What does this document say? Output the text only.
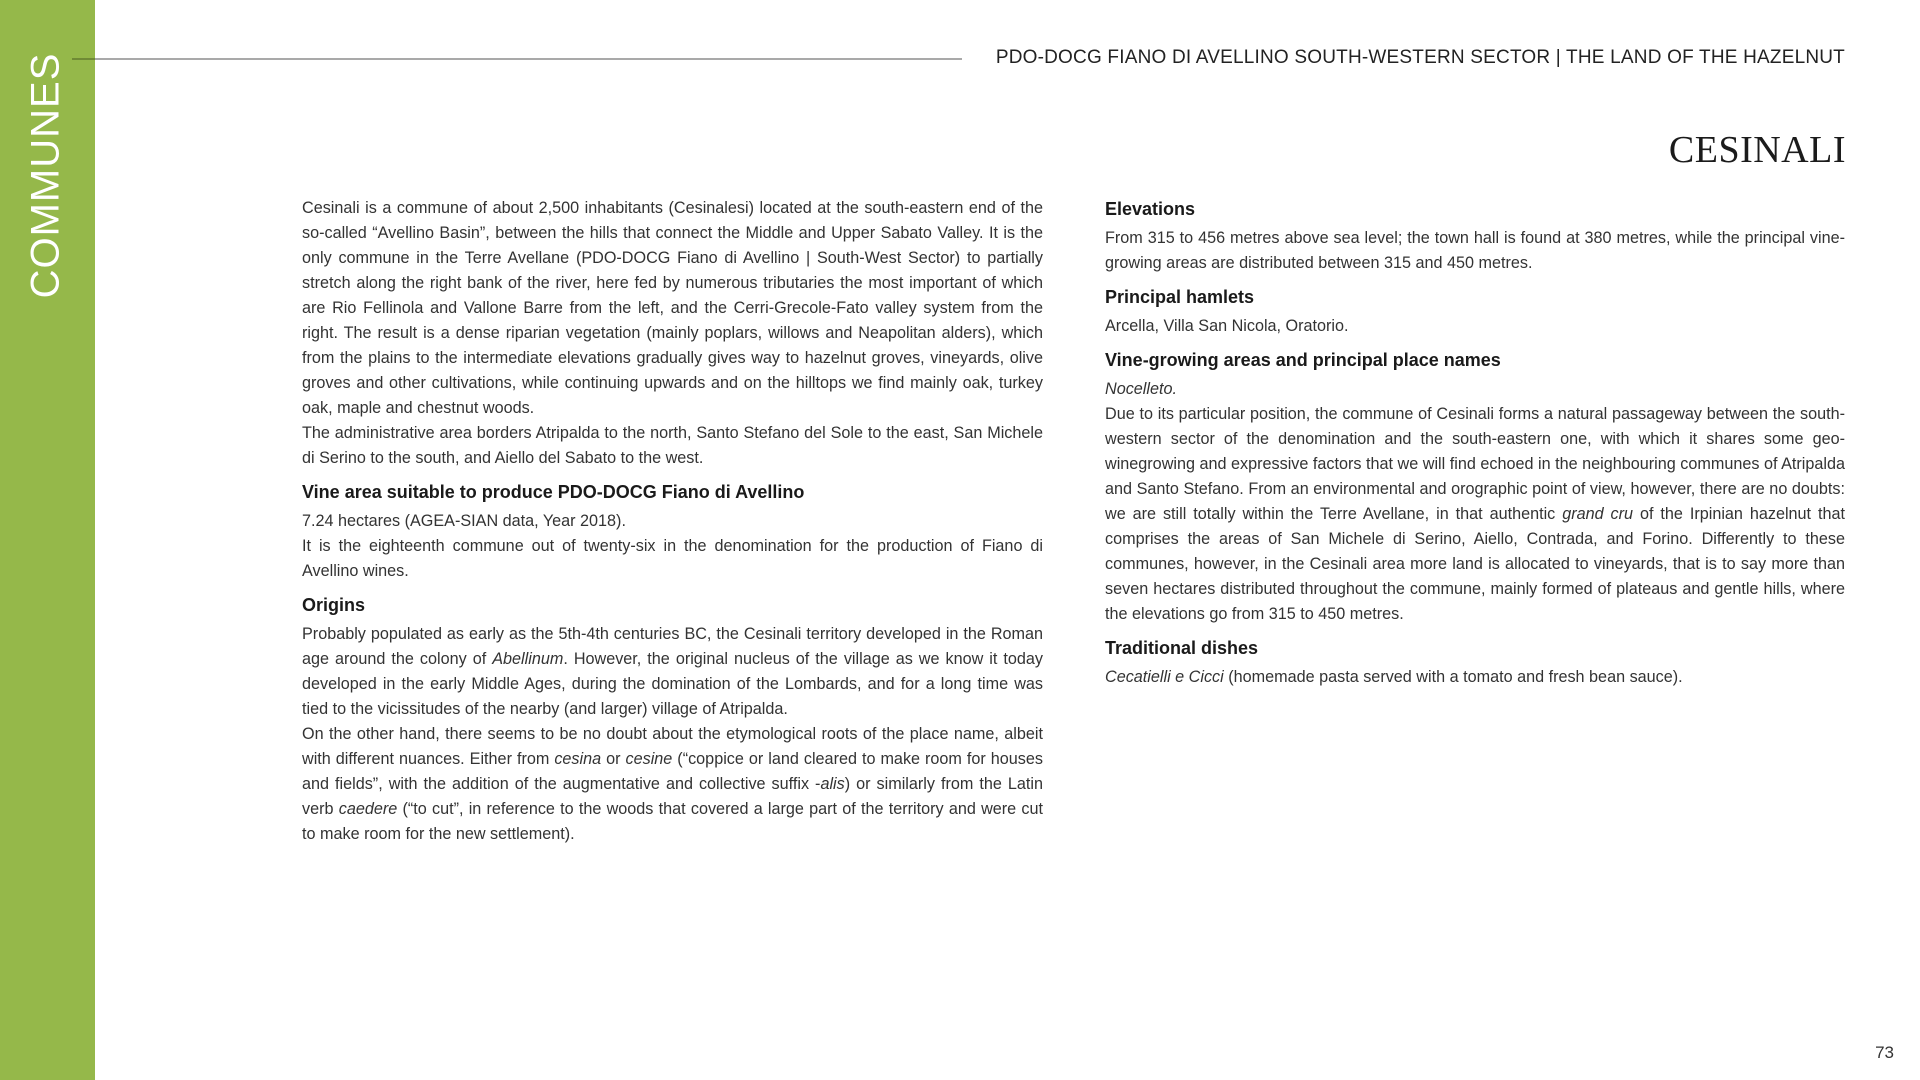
COMMUNES	PDO-DOCG FIANO DI AVELLINO SOUTH-WESTERN SECTOR | THE LAND OF THE HAZELNUT
CESINALI

Cesinali is a commune of about 2,500 inhabitants (Cesinalesi) located at the south-eastern end of the so-called “Avellino Basin”, between the hills that connect the Middle and Upper Sabato Valley. It is the only commune in the Terre Avellane (PDO-DOCG Fiano di Avellino | South-West Sector) to partially stretch along the right bank of the river, here fed by numerous tributaries the most important of which are Rio Fellinola and Vallone Barre from the left, and the Cerri-Grecole-Fato valley system from the right. The result is a dense riparian vegetation (mainly poplars, willows and Neapolitan alders), which from the plains to the intermediate elevations gradually gives way to hazelnut groves, vineyards, olive groves and other cultivations, while continuing upwards and on the hilltops we find mainly oak, turkey oak, maple and chestnut woods.

The administrative area borders Atripalda to the north, Santo Stefano del Sole to the east, San Michele di Serino to the south, and Aiello del Sabato to the west.

Vine area suitable to produce PDO-DOCG Fiano di Avellino

7.24 hectares (AGEA-SIAN data, Year 2018).

It is the eighteenth commune out of twenty-six in the denomination for the production of Fiano di Avellino wines.

Origins

Probably populated as early as the 5th-4th centuries BC, the Cesinali territory developed in the Roman age around the colony of Abellinum. However, the original nucleus of the village as we know it today developed in the early Middle Ages, during the domination of the Lombards, and for a long time was tied to the vicissitudes of the nearby (and larger) village of Atripalda.

On the other hand, there seems to be no doubt about the etymological roots of the place name, albeit with different nuances. Either from cesina or cesine (“coppice or land cleared to make room for houses and fields”, with the addition of the augmentative and collective suffix -alis) or similarly from the Latin verb caedere (“to cut”, in reference to the woods that covered a large part of the territory and were cut to make room for the new settlement).

Elevations

From 315 to 456 metres above sea level; the town hall is found at 380 metres, while the principal vine-growing areas are distributed between 315 and 450 metres.

Principal hamlets

Arcella, Villa San Nicola, Oratorio.

Vine-growing areas and principal place names

Nocelleto.

Due to its particular position, the commune of Cesinali forms a natural passageway between the south-western sector of the denomination and the south-eastern one, with which it shares some geo-winegrowing and expressive factors that we will find echoed in the neighbouring communes of Atripalda and Santo Stefano. From an environmental and orographic point of view, however, there are no doubts: we are still totally within the Terre Avellane, in that authentic grand cru of the Irpinian hazelnut that comprises the areas of San Michele di Serino, Aiello, Contrada, and Forino. Differently to these communes, however, in the Cesinali area more land is allocated to vineyards, that is to say more than seven hectares distributed throughout the commune, mainly formed of plateaus and gentle hills, where the elevations go from 315 to 450 metres.

Traditional dishes

Cecatielli e Cicci (homemade pasta served with a tomato and fresh bean sauce).

73
